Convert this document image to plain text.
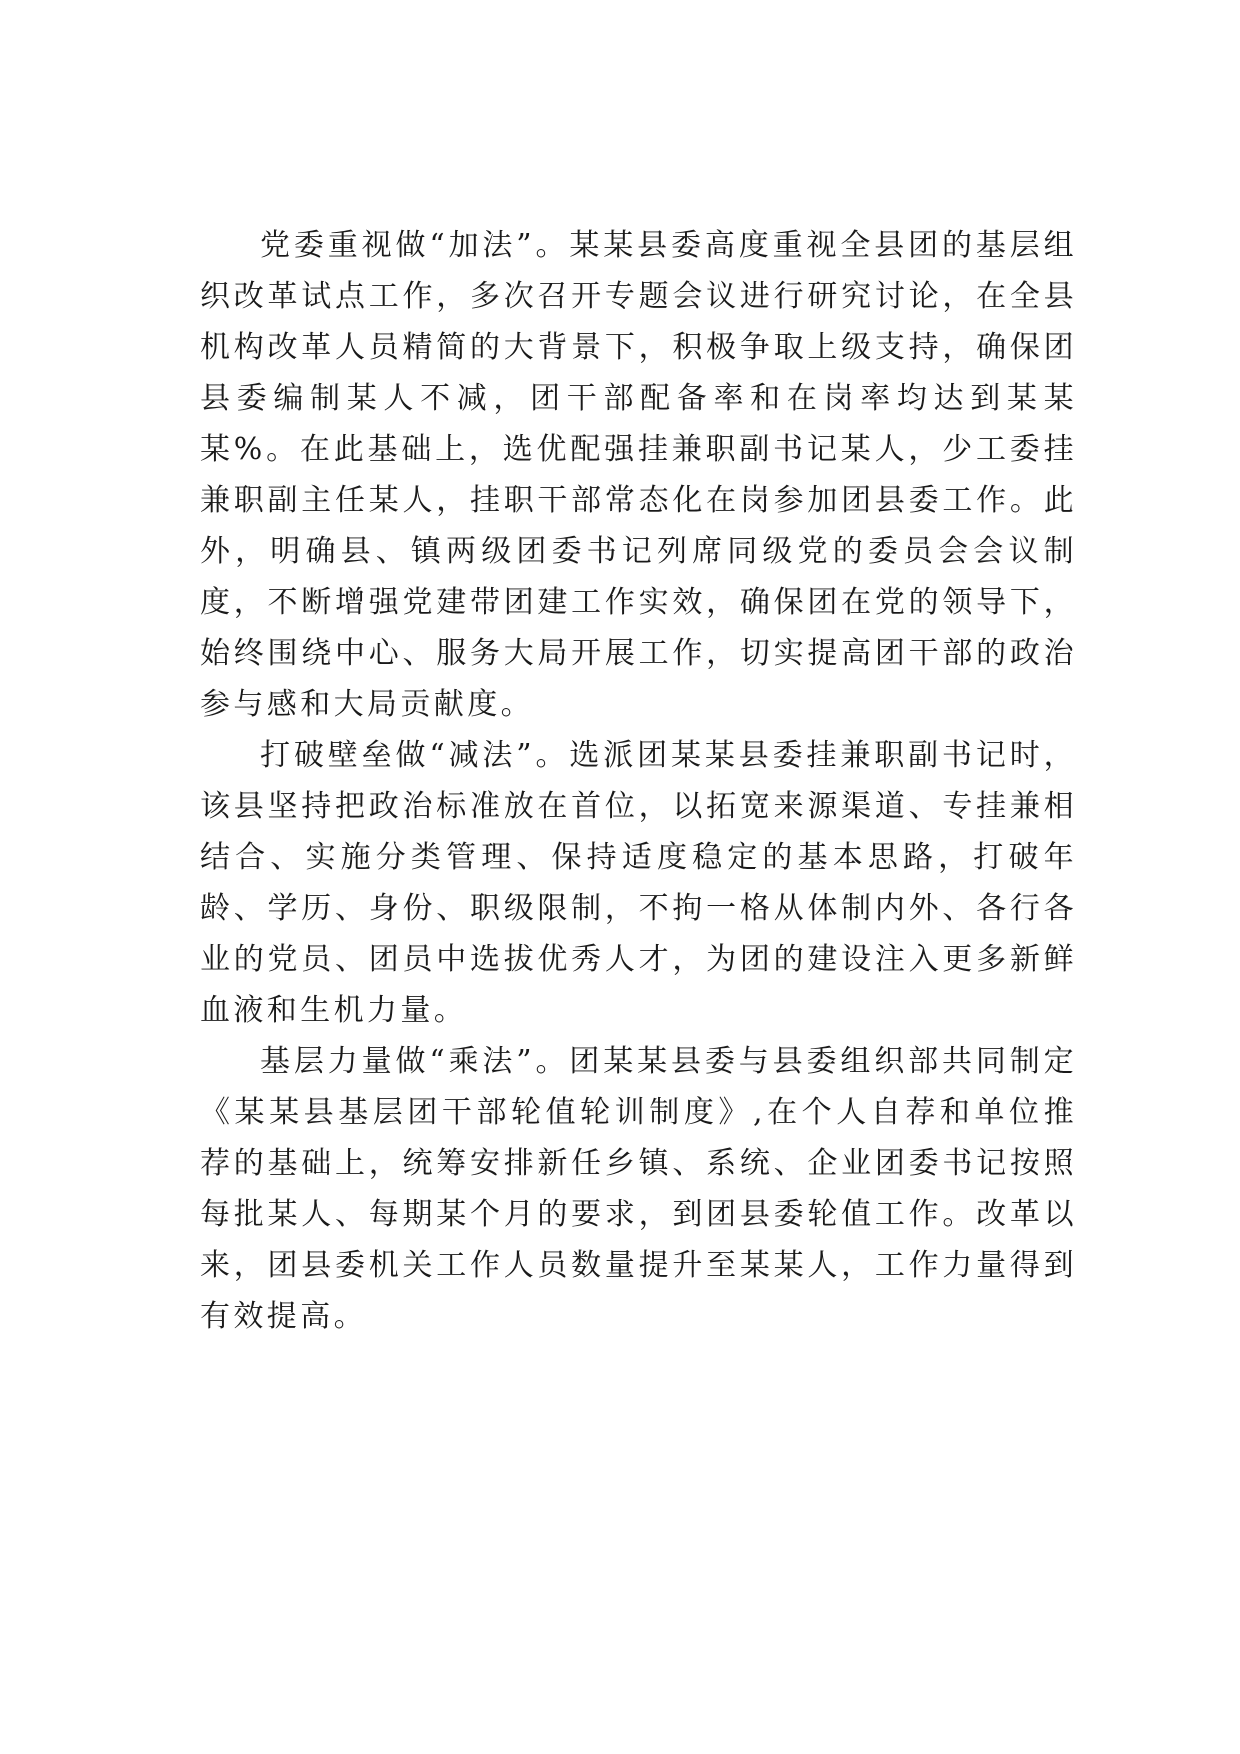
党委重视做“加法”。某某县委高度重视全县团的基层组织改革试点工作，多次召开专题会议进行研究讨论，在全县机构改革人员精简的大背景下，积极争取上级支持，确保团县委编制某人不减，团干部配备率和在岗率均达到某某某%。在此基础上，选优配强挂兼职副书记某人，少工委挂兼职副主任某人，挂职干部常态化在岗参加团县委工作。此外，明确县、镇两级团委书记列席同级党的委员会会议制度，不断增强党建带团建工作实效，确保团在党的领导下，始终围绕中心、服务大局开展工作，切实提高团干部的政治参与感和大局贡献度。

打破壁垒做“减法”。选派团某某县委挂兼职副书记时，该县坚持把政治标准放在首位，以拓宽来源渠道、专挂兼相结合、实施分类管理、保持适度稳定的基本思路，打破年龄、学历、身份、职级限制，不拘一格从体制内外、各行各业的党员、团员中选拔优秀人才，为团的建设注入更多新鲜血液和生机力量。

基层力量做“乘法”。团某某县委与县委组织部共同制定《某某县基层团干部轮值轮训制度》,在个人自荐和单位推荐的基础上，统筹安排新任乡镇、系统、企业团委书记按照每批某人、每期某个月的要求，到团县委轮值工作。改革以来，团县委机关工作人员数量提升至某某人，工作力量得到有效提高。
